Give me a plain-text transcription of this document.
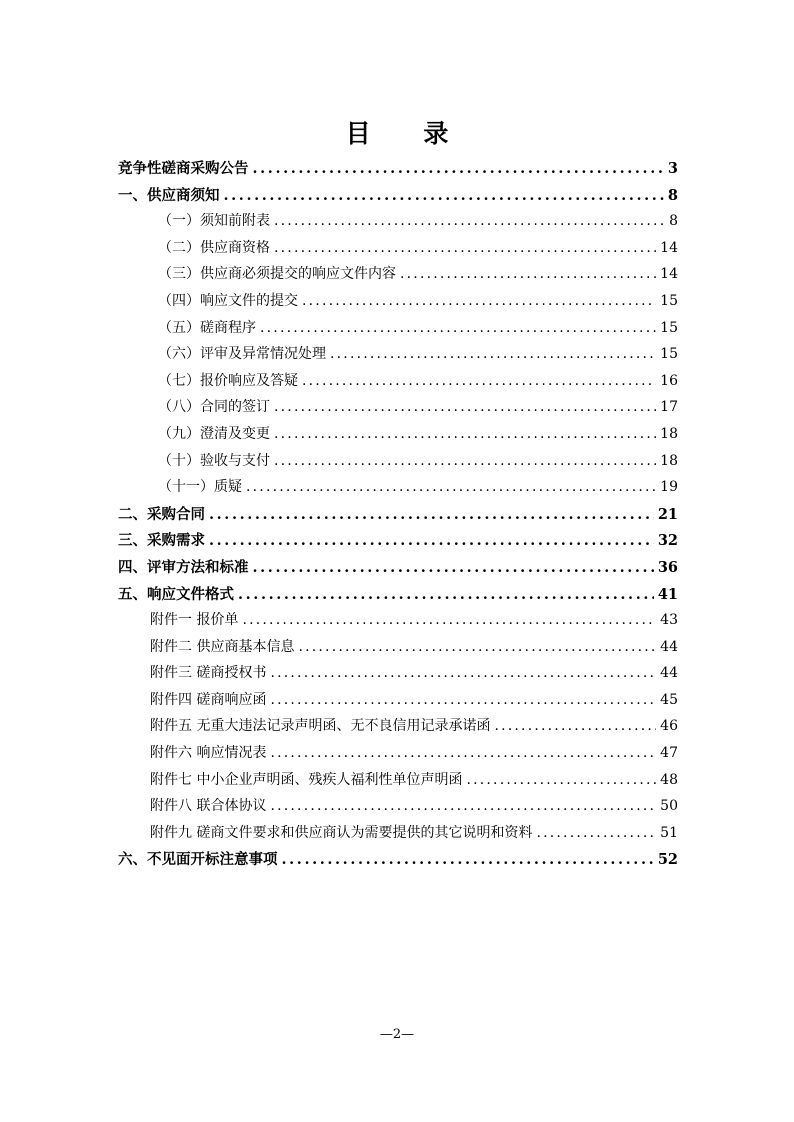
目 录
竞争性磋商采购公告 .....	3
一、供应商须知 .....	8
（一）须知前附表 .....	8
（二）供应商资格 .....	14
（三）供应商必须提交的响应文件内容 .....	14
（四）响应文件的提交 .....	15
（五）磋商程序 .....	15
（六）评审及异常情况处理 .....	15
（七）报价响应及答疑 .....	16
（八）合同的签订 .....	17
（九）澄清及变更 .....	18
（十）验收与支付 .....	18
（十一）质疑 .....	19
二、采购合同 .....	21
三、采购需求 .....	32
四、评审方法和标准 .....	36
五、响应文件格式 .....	41
附件一 报价单 .....	43
附件二 供应商基本信息 .....	44
附件三 磋商授权书 .....	44
附件四 磋商响应函 .....	45
附件五 无重大违法记录声明函、无不良信用记录承诺函 .....	46
附件六 响应情况表 .....	47
附件七 中小企业声明函、残疾人福利性单位声明函 .....	48
附件八 联合体协议 .....	50
附件九 磋商文件要求和供应商认为需要提供的其它说明和资料 .....	51
六、不见面开标注意事项 .....	52
—2—
